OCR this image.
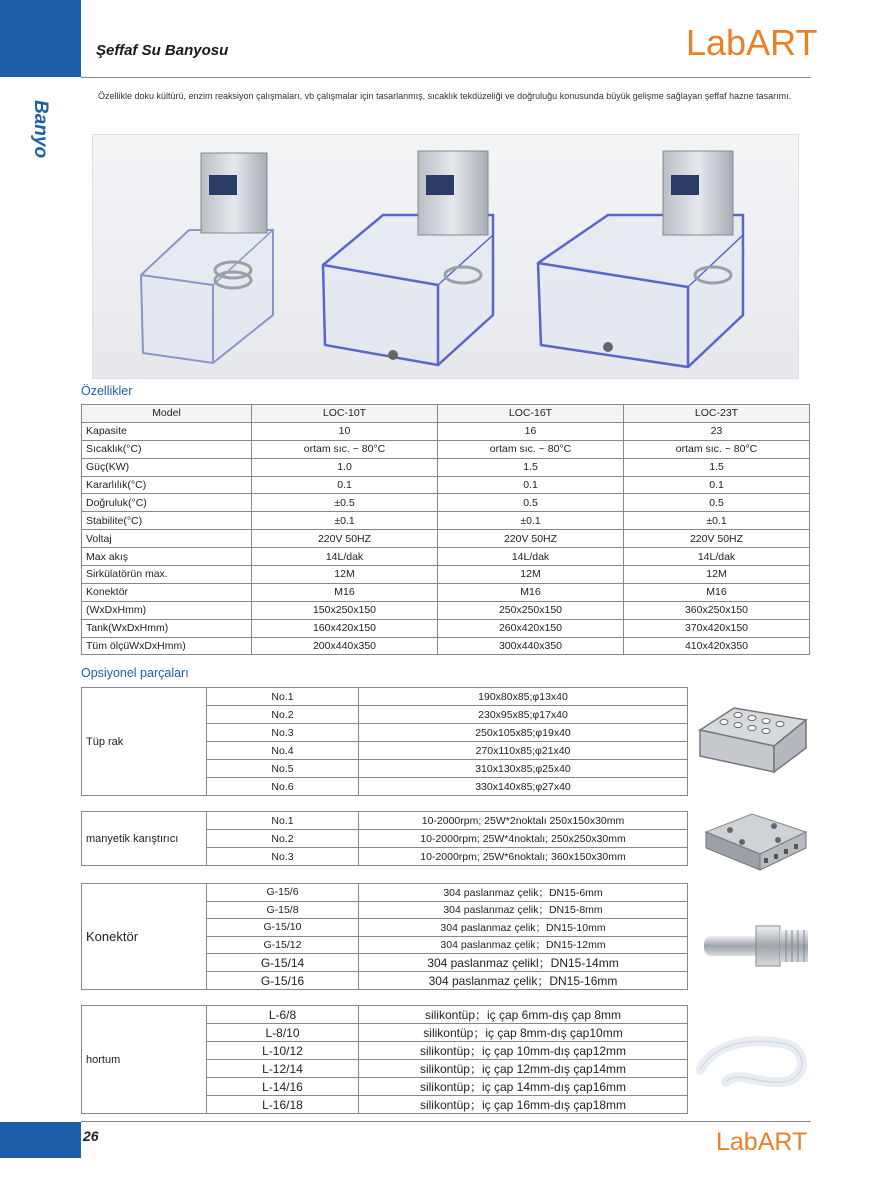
Şeffaf Su Banyosu	LabART
Banyo
Özellikle doku kültürü, enzim reaksiyon çalışmaları, vb çalışmalar için tasarlanmış, sıcaklık tekdüzeliği ve doğruluğu konusunda büyük gelişme sağlayan şeffaf hazne tasarımı.
Özellikler
Model	LOC-10T	LOC-16T	LOC-23T
Kapasite	10	16	23
Sıcaklık(°C)	ortam sıc. ~ 80°C	ortam sıc. ~ 80°C	ortam sıc. ~ 80°C
Güç(KW)	1.0	1.5	1.5
Kararlılık(°C)	0.1	0.1	0.1
Doğruluk(°C)	±0.5	0.5	0.5
Stabilite(°C)	±0.1	±0.1	±0.1
Voltaj	220V 50HZ	220V 50HZ	220V 50HZ
Max akış	14L/dak	14L/dak	14L/dak
Sirkülatörün max.	12M	12M	12M
Konektör	M16	M16	M16
(WxDxHmm)	150x250x150	250x250x150	360x250x150
Tank(WxDxHmm)	160x420x150	260x420x150	370x420x150
Tüm ölçüWxDxHmm)	200x440x350	300x440x350	410x420x350
Opsiyonel parçaları
Tüp rak	No.1	190x80x85;φ13x40
	No.2	230x95x85;φ17x40
	No.3	250x105x85;φ19x40
	No.4	270x110x85;φ21x40
	No.5	310x130x85;φ25x40
	No.6	330x140x85;φ27x40
manyetik karıştırıcı	No.1	10-2000rpm; 25W*2noktalı 250x150x30mm
	No.2	10-2000rpm; 25W*4noktalı; 250x250x30mm
	No.3	10-2000rpm; 25W*6noktalı; 360x150x30mm
Konektör	G-15/6	304 paslanmaz çelik；DN15-6mm
	G-15/8	304 paslanmaz çelik；DN15-8mm
	G-15/10	304 paslanmaz çelik；DN15-10mm
	G-15/12	304 paslanmaz çelik；DN15-12mm
	G-15/14	304 paslanmaz çelikl；DN15-14mm
	G-15/16	304 paslanmaz çelik；DN15-16mm
hortum	L-6/8	silikontüp；iç çap 6mm-dış çap 8mm
	L-8/10	silikontüp；iç çap 8mm-dış çap10mm
	L-10/12	silikontüp；iç çap 10mm-dış çap12mm
	L-12/14	silikontüp；iç çap 12mm-dış çap14mm
	L-14/16	silikontüp；iç çap 14mm-dış çap16mm
	L-16/18	silikontüp；iç çap 16mm-dış çap18mm
26	LabART
